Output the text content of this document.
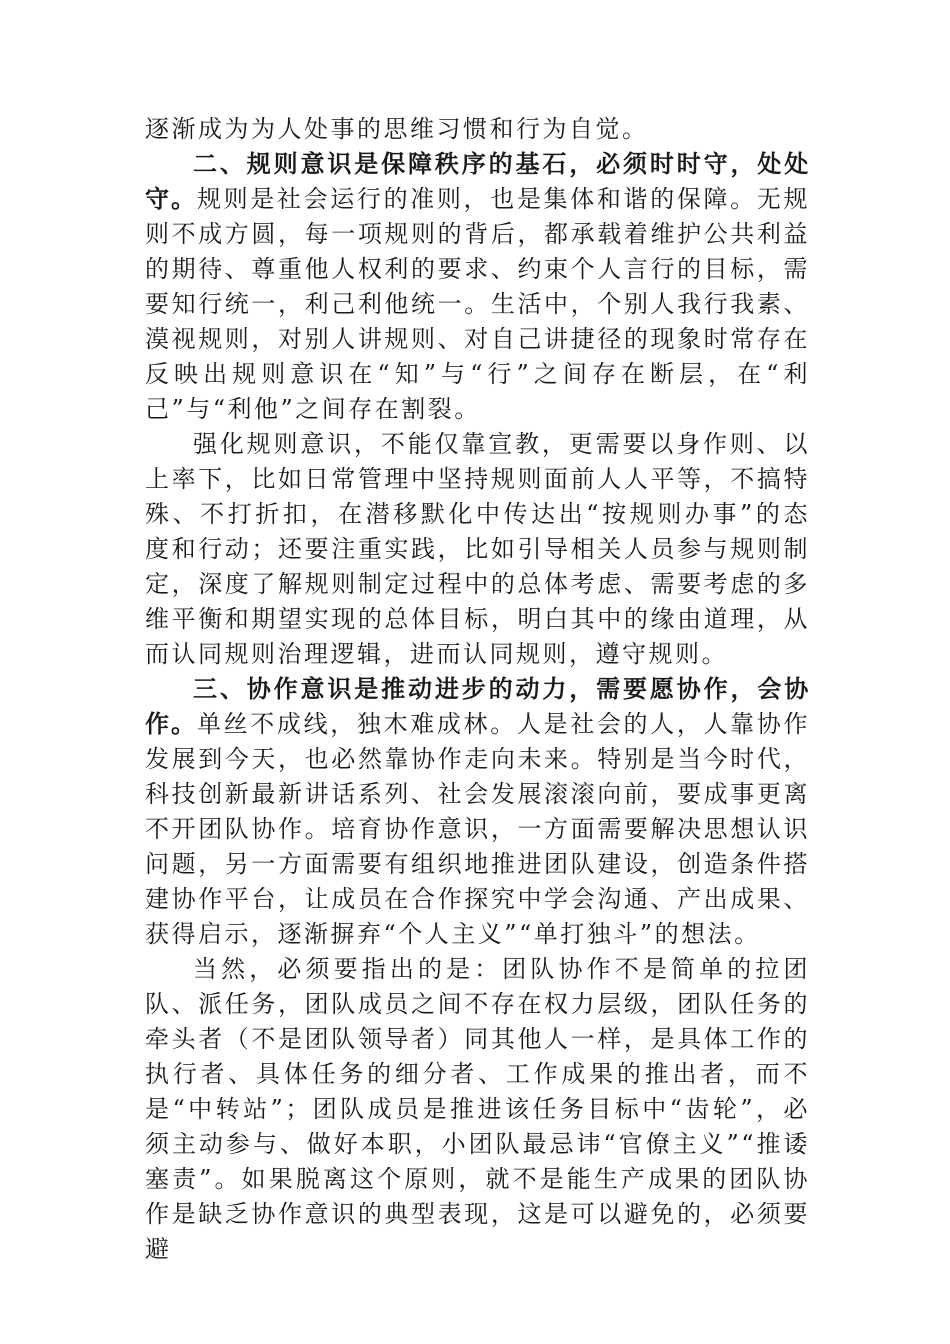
逐渐成为为人处事的思维习惯和行为自觉。

二、规则意识是保障秩序的基石，必须时时守，处处守。规则是社会运行的准则，也是集体和谐的保障。无规则不成方圆，每一项规则的背后，都承载着维护公共利益的期待、尊重他人权利的要求、约束个人言行的目标，需要知行统一，利己利他统一。生活中，个别人我行我素、漠视规则，对别人讲规则、对自己讲捷径的现象时常存在反映出规则意识在“知”与“行”之间存在断层，在“利己”与“利他”之间存在割裂。

强化规则意识，不能仅靠宣教，更需要以身作则、以上率下，比如日常管理中坚持规则面前人人平等，不搞特殊、不打折扣，在潜移默化中传达出“按规则办事”的态度和行动；还要注重实践，比如引导相关人员参与规则制定，深度了解规则制定过程中的总体考虑、需要考虑的多维平衡和期望实现的总体目标，明白其中的缘由道理，从而认同规则治理逻辑，进而认同规则，遵守规则。

三、协作意识是推动进步的动力，需要愿协作，会协作。单丝不成线，独木难成林。人是社会的人，人靠协作发展到今天，也必然靠协作走向未来。特别是当今时代，科技创新最新讲话系列、社会发展滚滚向前，要成事更离不开团队协作。培育协作意识，一方面需要解决思想认识问题，另一方面需要有组织地推进团队建设，创造条件搭建协作平台，让成员在合作探究中学会沟通、产出成果、获得启示，逐渐摒弃“个人主义”“单打独斗”的想法。

当然，必须要指出的是：团队协作不是简单的拉团队、派任务，团队成员之间不存在权力层级，团队任务的牵头者（不是团队领导者）同其他人一样，是具体工作的执行者、具体任务的细分者、工作成果的推出者，而不是“中转站”；团队成员是推进该任务目标中“齿轮”，必须主动参与、做好本职，小团队最忌讳“官僚主义”“推诿塞责”。如果脱离这个原则，就不是能生产成果的团队协作是缺乏协作意识的典型表现，这是可以避免的，必须要避
